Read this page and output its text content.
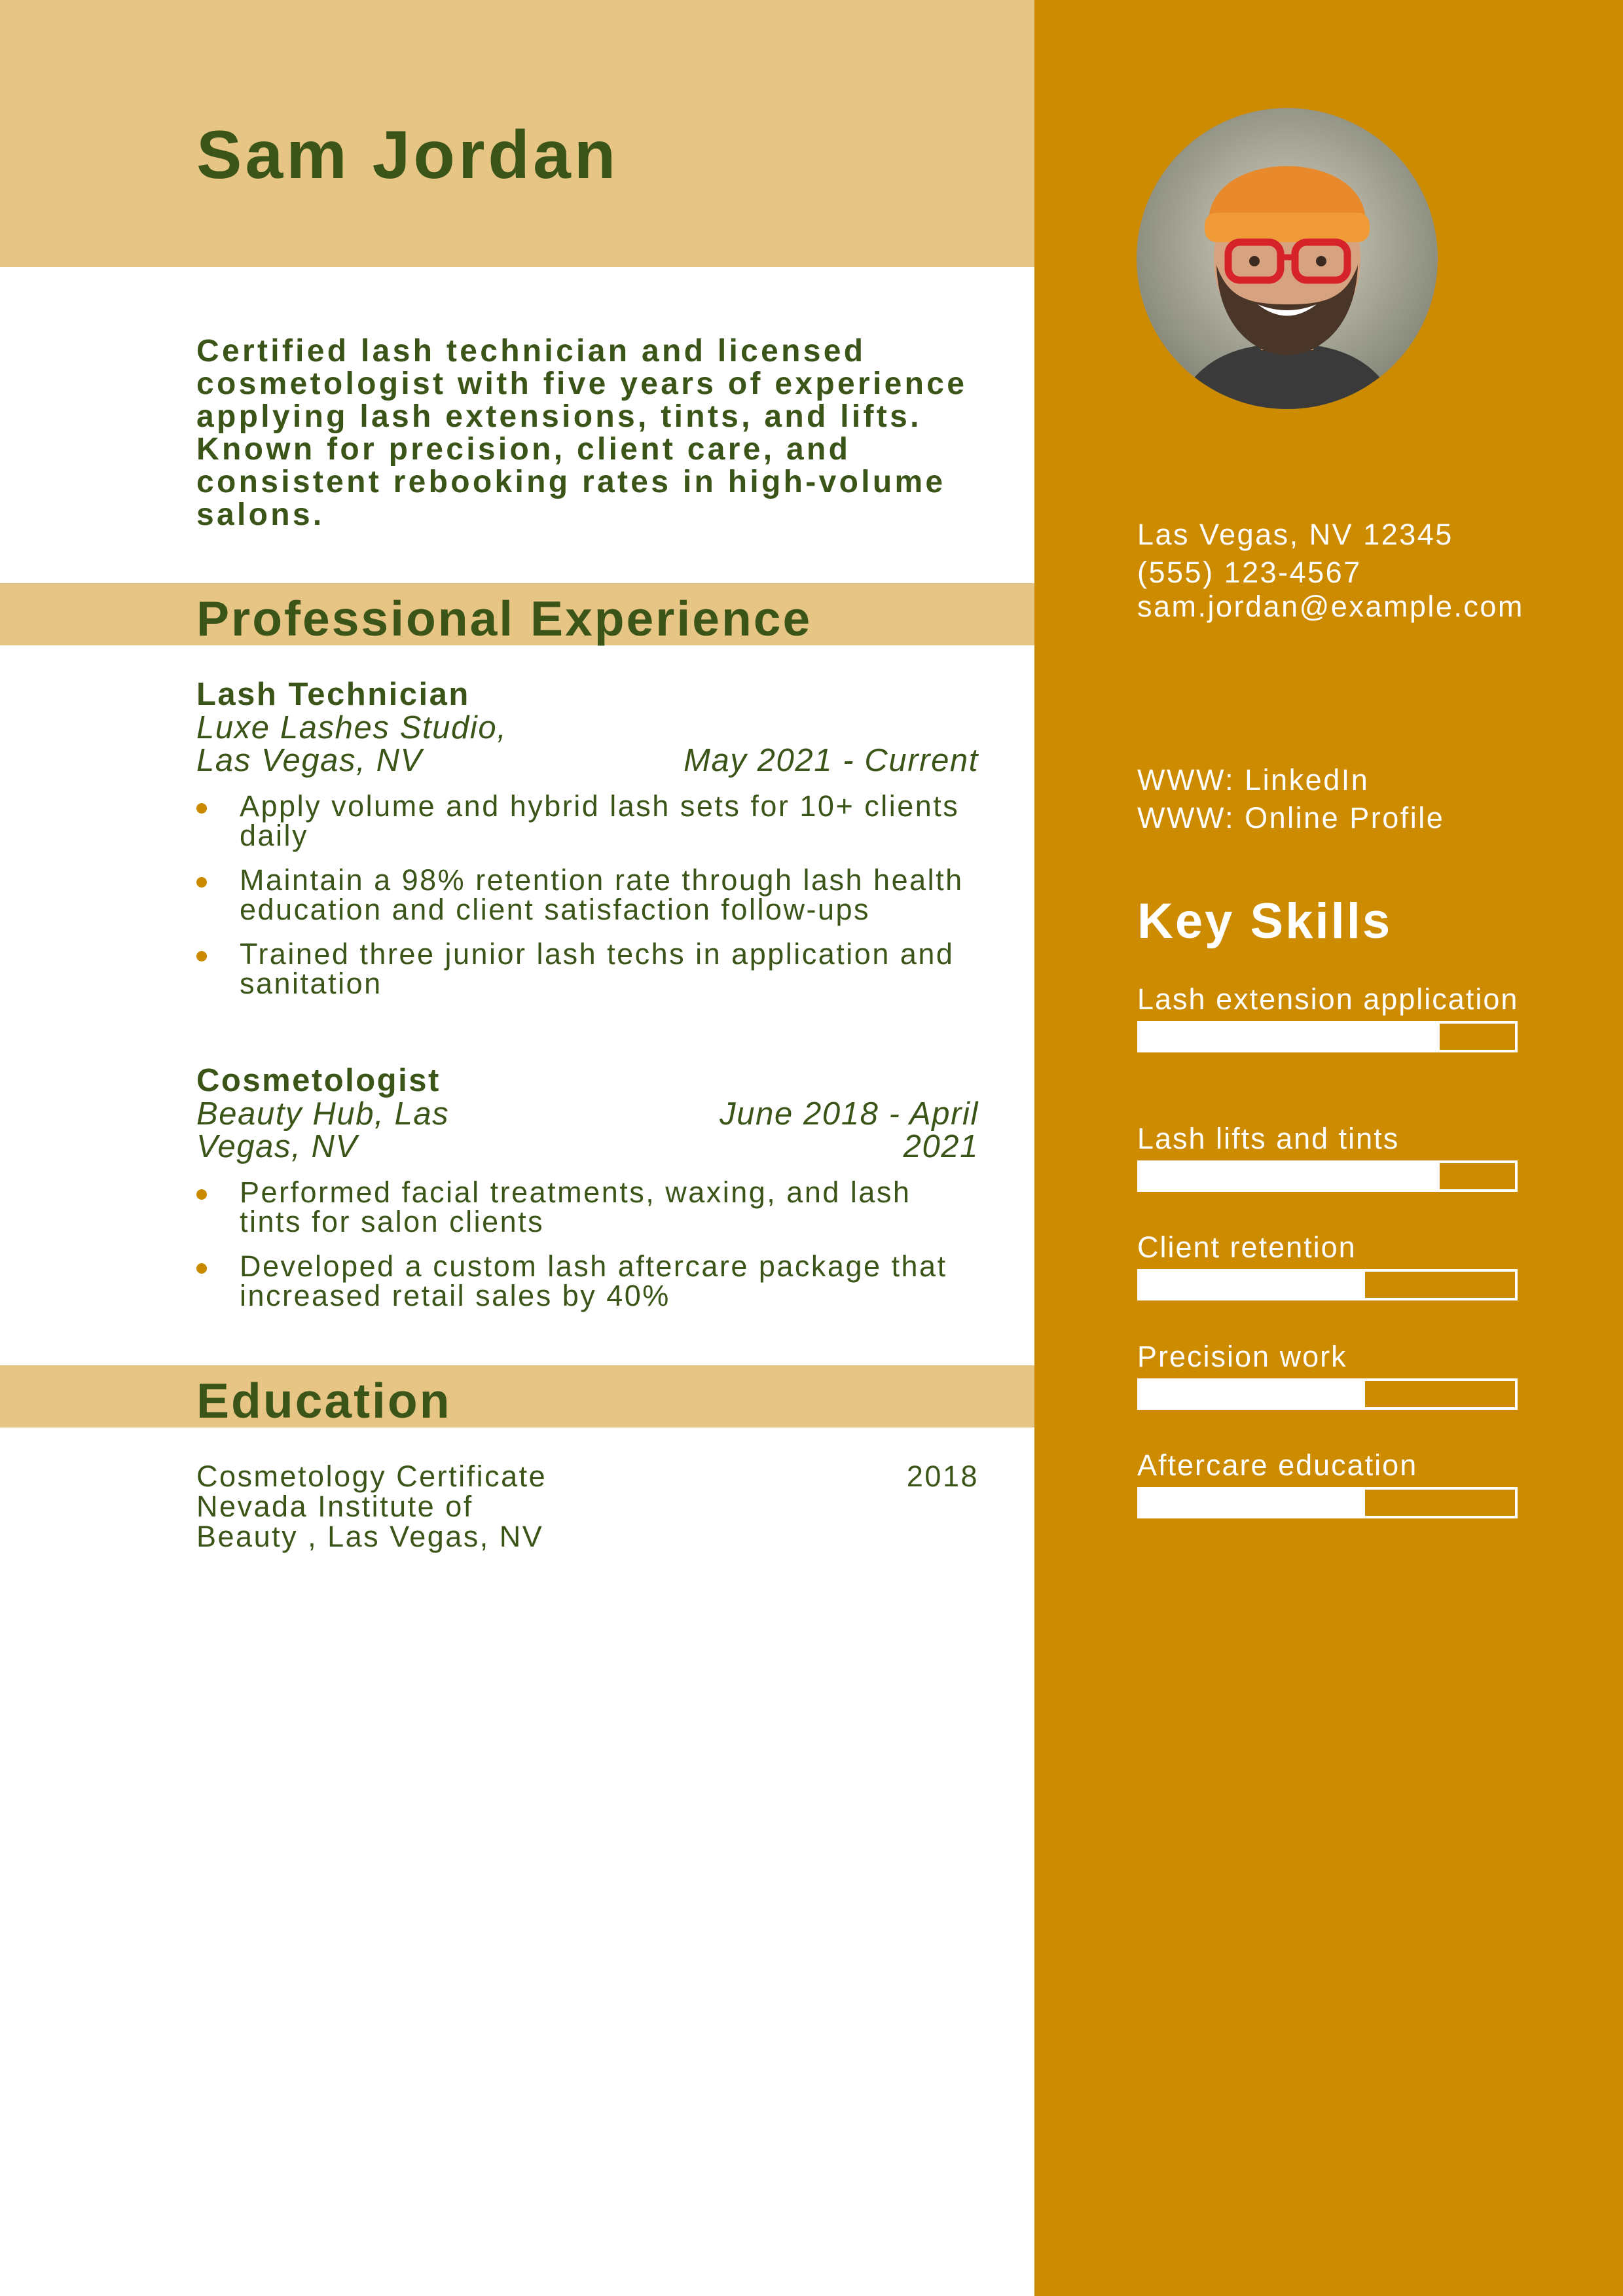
Sam Jordan
Certified lash technician and licensed cosmetologist with five years of experience applying lash extensions, tints, and lifts. Known for precision, client care, and consistent rebooking rates in high-volume salons.
Professional Experience
Lash Technician
Luxe Lashes Studio,
Las Vegas, NV	May 2021 - Current
Apply volume and hybrid lash sets for 10+ clients daily
Maintain a 98% retention rate through lash health education and client satisfaction follow-ups
Trained three junior lash techs in application and sanitation
Cosmetologist
Beauty Hub, Las	June 2018 - April
Vegas, NV	2021
Performed facial treatments, waxing, and lash tints for salon clients
Developed a custom lash aftercare package that increased retail sales by 40%
Education
Cosmetology Certificate	2018
Nevada Institute of
Beauty , Las Vegas, NV
Las Vegas, NV 12345
(555) 123-4567
sam.jordan@example.com
WWW: LinkedIn
WWW: Online Profile
Key Skills
Lash extension application
Lash lifts and tints
Client retention
Precision work
Aftercare education
